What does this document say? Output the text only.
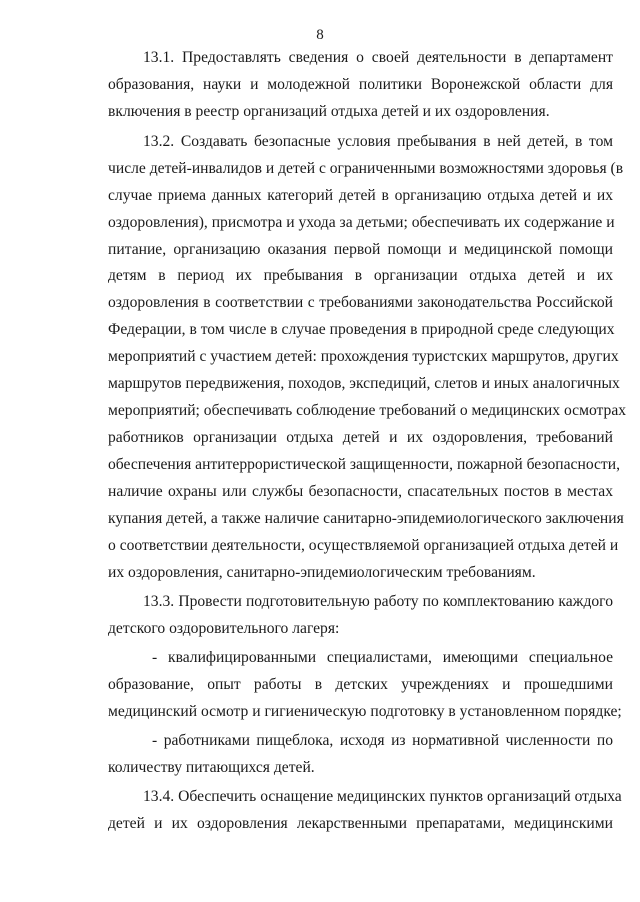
8
13.1. Предоставлять сведения о своей деятельности в департамент
образования, науки и молодежной политики Воронежской области для
включения в реестр организаций отдыха детей и их оздоровления.
13.2. Создавать безопасные условия пребывания в ней детей, в том
числе детей-инвалидов и детей с ограниченными возможностями здоровья (в
случае приема данных категорий детей в организацию отдыха детей и их
оздоровления), присмотра и ухода за детьми; обеспечивать их содержание и
питание, организацию оказания первой помощи и медицинской помощи
детям в период их пребывания в организации отдыха детей и их
оздоровления в соответствии с требованиями законодательства Российской
Федерации, в том числе в случае проведения в природной среде следующих
мероприятий с участием детей: прохождения туристских маршрутов, других
маршрутов передвижения, походов, экспедиций, слетов и иных аналогичных
мероприятий; обеспечивать соблюдение требований о медицинских осмотрах
работников организации отдыха детей и их оздоровления, требований
обеспечения антитеррористической защищенности, пожарной безопасности,
наличие охраны или службы безопасности, спасательных постов в местах
купания детей, а также наличие санитарно-эпидемиологического заключения
о соответствии деятельности, осуществляемой организацией отдыха детей и
их оздоровления, санитарно-эпидемиологическим требованиям.
13.3. Провести подготовительную работу по комплектованию каждого
детского оздоровительного лагеря:
- квалифицированными специалистами, имеющими специальное
образование, опыт работы в детских учреждениях и прошедшими
медицинский осмотр и гигиеническую подготовку в установленном порядке;
- работниками пищеблока, исходя из нормативной численности по
количеству питающихся детей.
13.4. Обеспечить оснащение медицинских пунктов организаций отдыха
детей и их оздоровления лекарственными препаратами, медицинскими
